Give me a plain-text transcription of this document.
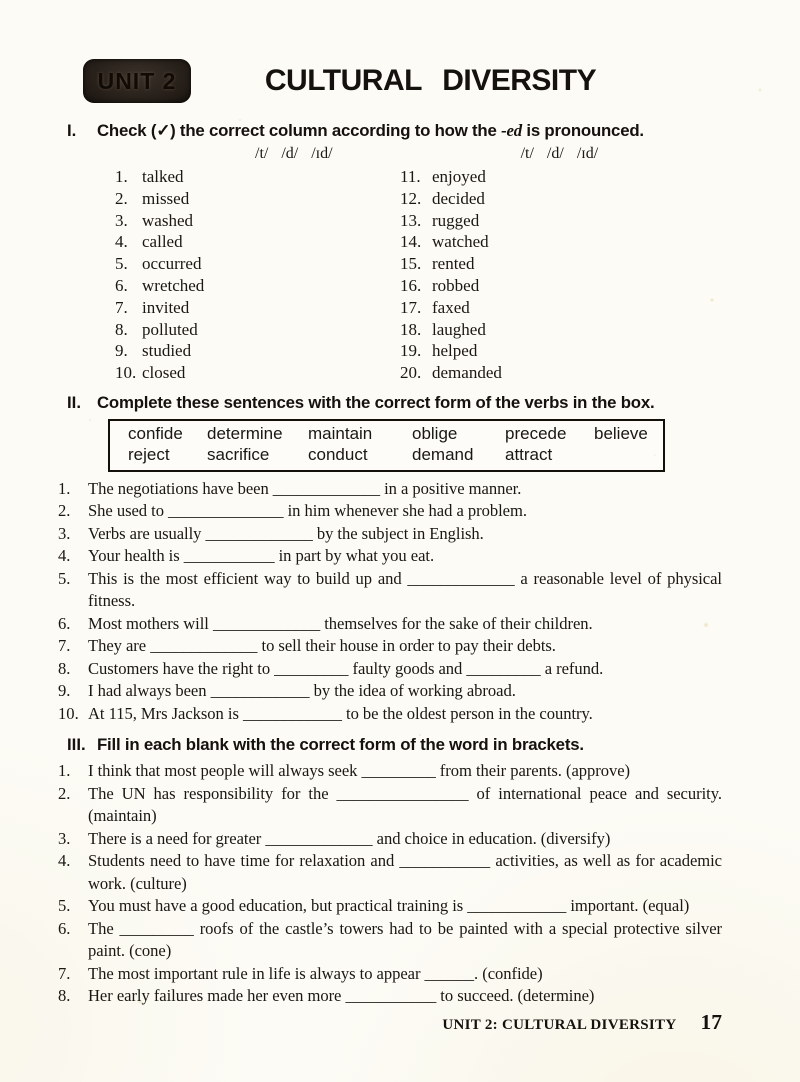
UNIT 2	CULTURAL DIVERSITY
I.	Check (✓) the correct column according to how the -ed is pronounced.
/t/ /d/ /ɪd/	/t/ /d/ /ɪd/
1. talked
2. missed
3. washed
4. called
5. occurred
6. wretched
7. invited
8. polluted
9. studied
10. closed
11. enjoyed
12. decided
13. rugged
14. watched
15. rented
16. robbed
17. faxed
18. laughed
19. helped
20. demanded
II. Complete these sentences with the correct form of the verbs in the box.
confide	determine	maintain	oblige	precede	believe
reject	sacrifice	conduct	demand	attract
1.	The negotiations have been _____________ in a positive manner.
2.	She used to ______________ in him whenever she had a problem.
3.	Verbs are usually _____________ by the subject in English.
4.	Your health is ___________ in part by what you eat.
5.	This is the most efficient way to build up and _____________ a reasonable level of physical fitness.
6.	Most mothers will _____________ themselves for the sake of their children.
7.	They are _____________ to sell their house in order to pay their debts.
8.	Customers have the right to _________ faulty goods and _________ a refund.
9.	I had always been ____________ by the idea of working abroad.
10. At 115, Mrs Jackson is ____________ to be the oldest person in the country.
III. Fill in each blank with the correct form of the word in brackets.
1.	I think that most people will always seek _________ from their parents. (approve)
2.	The UN has responsibility for the ________________ of international peace and security. (maintain)
3.	There is a need for greater _____________ and choice in education. (diversify)
4.	Students need to have time for relaxation and ___________ activities, as well as for academic work. (culture)
5.	You must have a good education, but practical training is ____________ important. (equal)
6.	The _________ roofs of the castle’s towers had to be painted with a special protective silver paint. (cone)
7.	The most important rule in life is always to appear ______. (confide)
8.	Her early failures made her even more ___________ to succeed. (determine)
UNIT 2: CULTURAL DIVERSITY 17
